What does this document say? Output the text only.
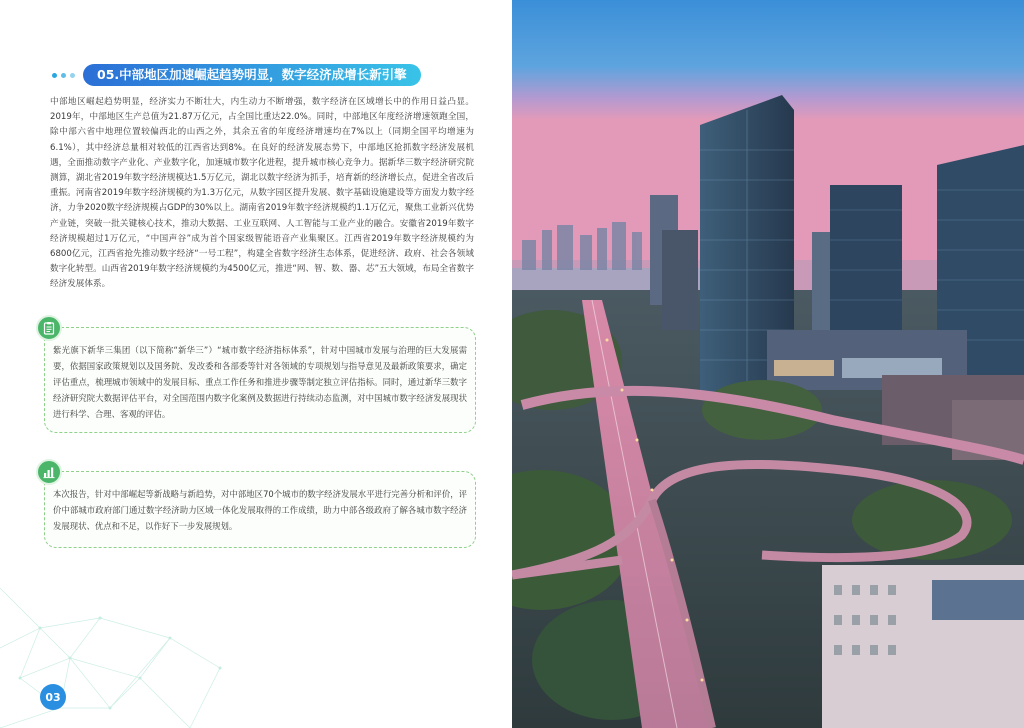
05.中部地区加速崛起趋势明显，数字经济成增长新引擎

中部地区崛起趋势明显，经济实力不断壮大，内生动力不断增强，数字经济在区域增长中的作用日益凸显。2019年，中部地区生产总值为21.87万亿元，占全国比重达22.0%。同时，中部地区年度经济增速领跑全国，除中部六省中地理位置较偏西北的山西之外，其余五省的年度经济增速均在7%以上（同期全国平均增速为6.1%），其中经济总量相对较低的江西省达到8%。在良好的经济发展态势下，中部地区抢抓数字经济发展机遇，全面推动数字产业化、产业数字化，加速城市数字化进程，提升城市核心竞争力。据新华三数字经济研究院测算，湖北省2019年数字经济规模达1.5万亿元，湖北以数字经济为抓手，培育新的经济增长点，促进全省改后重振。河南省2019年数字经济规模约为1.3万亿元，从数字园区提升发展、数字基础设施建设等方面发力数字经济，力争2020数字经济规模占GDP的30%以上。湖南省2019年数字经济规模约1.1万亿元，聚焦工业新兴优势产业链，突破一批关键核心技术，推动大数据、工业互联网、人工智能与工业产业的融合。安徽省2019年数字经济规模超过1万亿元，“中国声谷”成为首个国家级智能语音产业集聚区。江西省2019年数字经济规模约为6800亿元，江西省抢先推动数字经济“一号工程”，构建全省数字经济生态体系，促进经济、政府、社会各领域数字化转型。山西省2019年数字经济规模约为4500亿元，推进“网、智、数、器、芯”五大领域，布局全省数字经济发展体系。

紫光旗下新华三集团（以下简称“新华三”）“城市数字经济指标体系”，针对中国城市发展与治理的巨大发展需要，依据国家政策规划以及国务院、发改委和各部委等针对各领域的专项规划与指导意见及最新政策要求，确定评估重点，梳理城市领域中的发展目标、重点工作任务和推进步骤等制定独立评估指标。同时，通过新华三数字经济研究院大数据评估平台，对全国范围内数字化案例及数据进行持续动态监测，对中国城市数字经济发展现状进行科学、合理、客观的评估。

本次报告，针对中部崛起等新战略与新趋势，对中部地区70个城市的数字经济发展水平进行完善分析和评价，评价中部城市政府部门通过数字经济助力区域一体化发展取得的工作成绩，助力中部各级政府了解各城市数字经济发展现状、优点和不足，以作好下一步发展规划。

03
